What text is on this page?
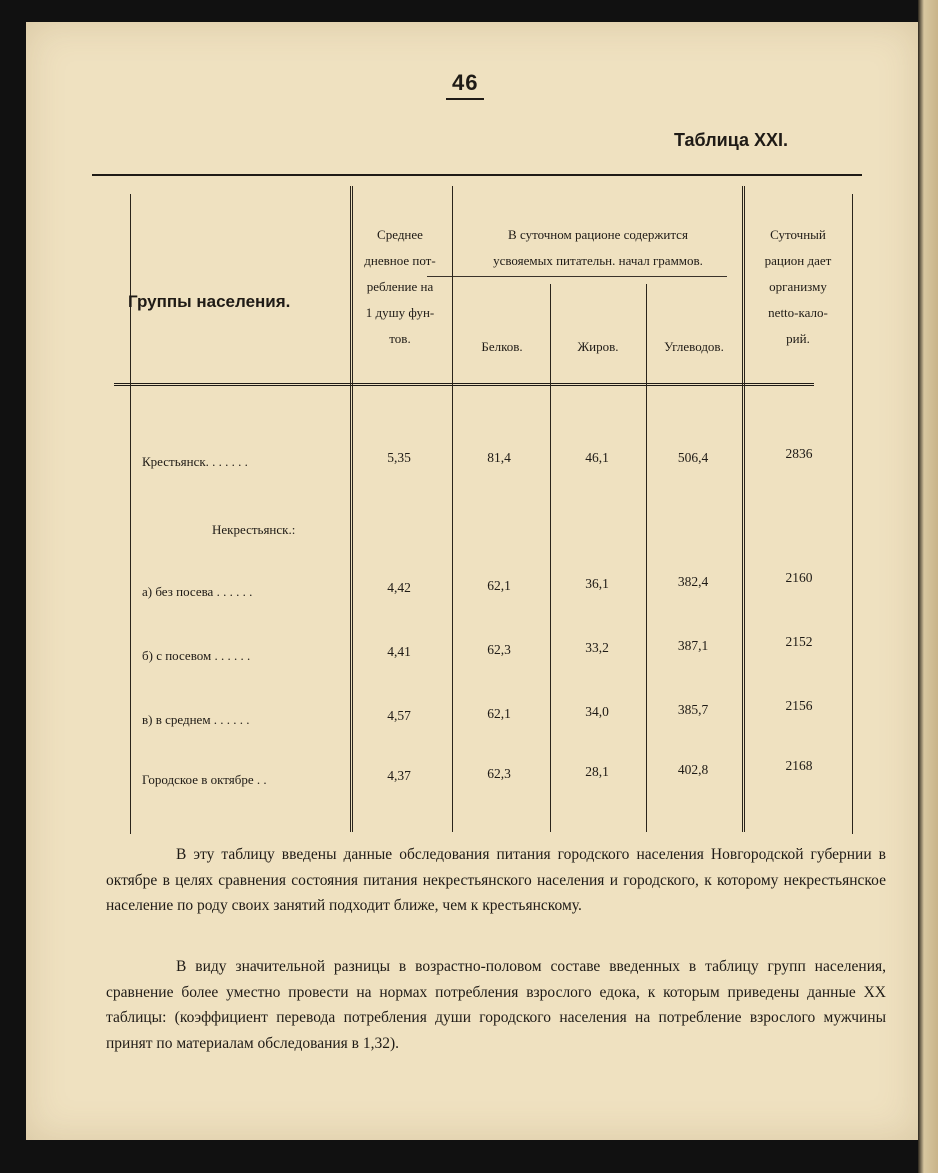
46
Таблица XXI.
Группы населения.
Среднее
дневное пот-
ребление на
1 душу фун-
тов.
В суточном рационе содержится
усвояемых питательн. начал граммов.
Белков.	Жиров.	Углеводов.
Суточный
рацион дает
организму
netto-кало-
рий.
Крестьянск. . . . . . .	5,35	81,4	46,1	506,4	2836
Некрестьянск.:
а) без посева . . . . . .	4,42	62,1	36,1	382,4	2160
б) с посевом . . . . . .	4,41	62,3	33,2	387,1	2152
в) в среднем . . . . . .	4,57	62,1	34,0	385,7	2156
Городское в октябре . .	4,37	62,3	28,1	402,8	2168
В эту таблицу введены данные обследования питания городского населения Новгородской губернии в октябре в целях сравнения состояния питания некрестьянского населения и городского, к которому некрестьянское население по роду своих занятий подходит ближе, чем к крестьянскому.
В виду значительной разницы в возрастно-половом составе введенных в таблицу групп населения, сравнение более уместно провести на нормах потребления взрослого едока, к которым приведены данные XX таблицы: (коэффициент перевода потребления души городского населения на потребление взрослого мужчины принят по материалам обследования в 1,32).
